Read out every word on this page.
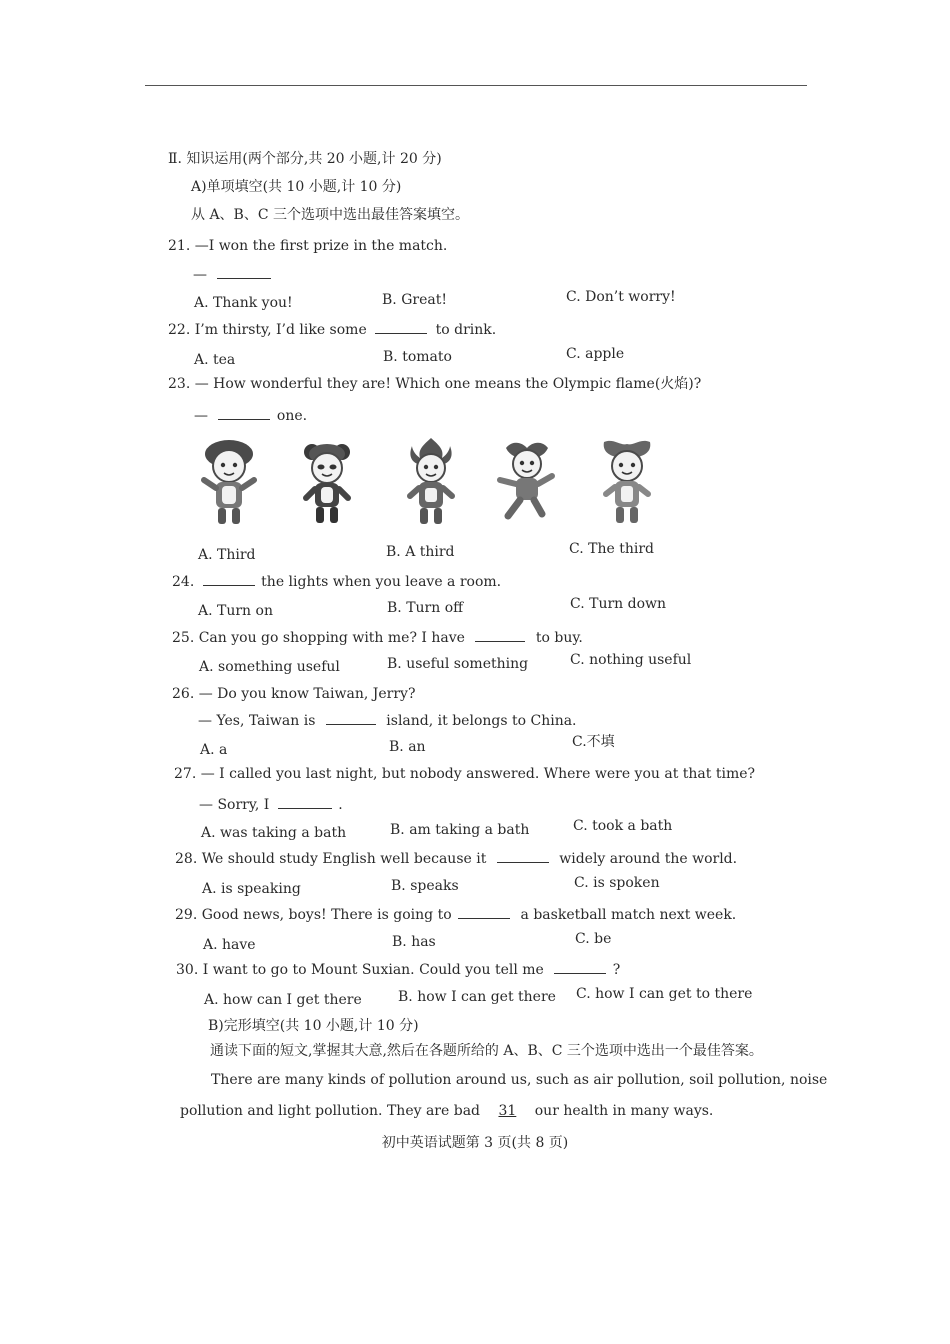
Ⅱ. 知识运用(两个部分,共 20 小题,计 20 分)
A)单项填空(共 10 小题,计 10 分)
从 A、B、C 三个选项中选出最佳答案填空。
21. —I won the first prize in the match.
—
A. Thank you!	B. Great!	C. Don’t worry!
22. I’m thirsty, I’d like some	to drink.
A. tea	B. tomato	C. apple
23. — How wonderful they are! Which one means the Olympic flame(火焰)?
—	one.
A. Third	B. A third	C. The third
24.	the lights when you leave a room.
A. Turn on	B. Turn off	C. Turn down
25. Can you go shopping with me? I have	to buy.
A. something useful	B. useful something	C. nothing useful
26. — Do you know Taiwan, Jerry?
— Yes, Taiwan is	island, it belongs to China.
A. a	B. an	C.不填
27. — I called you last night, but nobody answered. Where were you at that time?
— Sorry, I	.
A. was taking a bath	B. am taking a bath	C. took a bath
28. We should study English well because it	widely around the world.
A. is speaking	B. speaks	C. is spoken
29. Good news, boys! There is going to	a basketball match next week.
A. have	B. has	C. be
30. I want to go to Mount Suxian. Could you tell me	?
A. how can I get there	B. how I can get there C. how I can get to there
B)完形填空(共 10 小题,计 10 分)
通读下面的短文,掌握其大意,然后在各题所给的 A、B、C 三个选项中选出一个最佳答案。
There are many kinds of pollution around us, such as air pollution, soil pollution, noise
pollution and light pollution. They are bad 31 our health in many ways.
初中英语试题第 3 页(共 8 页)
